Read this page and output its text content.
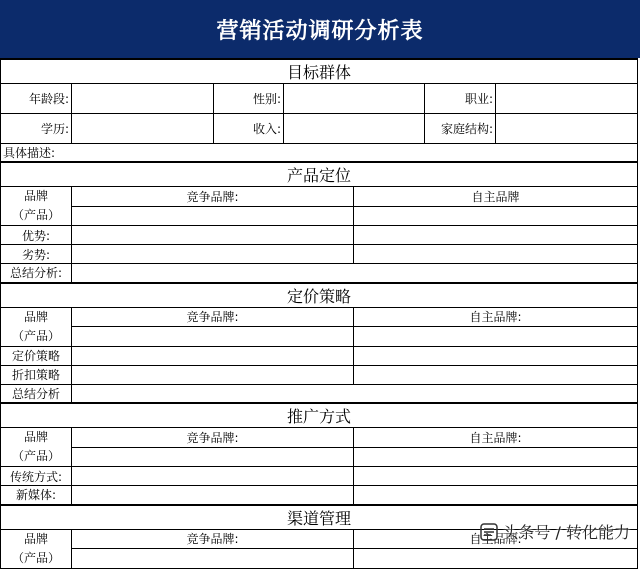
营销活动调研分析表
目标群体						
年龄段:		性别:			职业:	
学历:		收入:			家庭结构:	
具体描述:						
产品定位						

品牌
（产品）	竞争品牌:			自主品牌		

优势:						
劣势:						
总结分析:						
定价策略						

品牌
（产品）	竞争品牌:			自主品牌:		

定价策略						
折扣策略						
总结分析						
推广方式						

品牌
（产品）	竞争品牌:			自主品牌:		

传统方式:						
新媒体:						
渠道管理						

品牌
（产品）	竞争品牌:			自主品牌:		

头条号 / 转化能力
